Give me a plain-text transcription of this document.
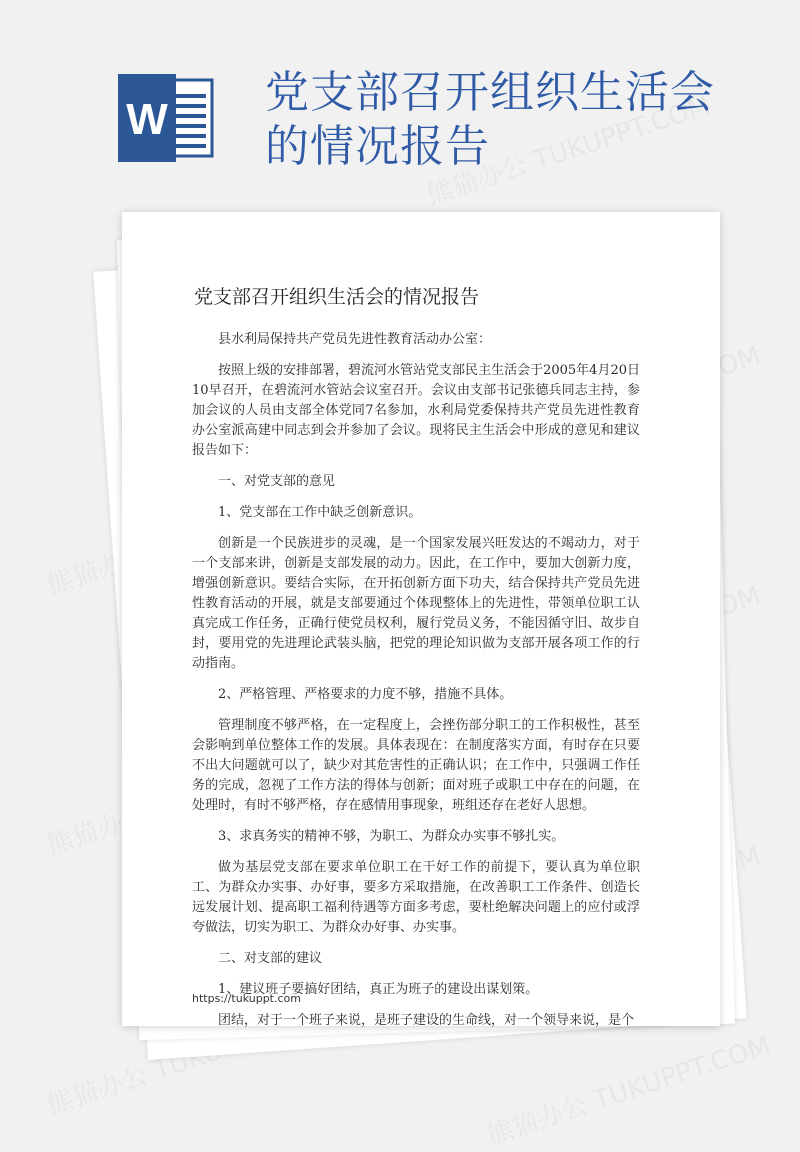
W
党支部召开组织生活会
的情况报告
党支部召开组织生活会的情况报告

县水利局保持共产党员先进性教育活动办公室：

按照上级的安排部署，碧流河水管站党支部民主生活会于2005年4月20日10早召开，在碧流河水管站会议室召开。会议由支部书记张德兵同志主持，参加会议的人员由支部全体党同7名参加，水利局党委保持共产党员先进性教育办公室派高建中同志到会并参加了会议。现将民主生活会中形成的意见和建议报告如下：

一、对党支部的意见

1、党支部在工作中缺乏创新意识。

创新是一个民族进步的灵魂，是一个国家发展兴旺发达的不竭动力，对于一个支部来讲，创新是支部发展的动力。因此，在工作中，要加大创新力度，增强创新意识。要结合实际，在开拓创新方面下功夫，结合保持共产党员先进性教育活动的开展，就是支部要通过个体现整体上的先进性，带领单位职工认真完成工作任务，正确行使党员权利，履行党员义务，不能因循守旧、故步自封，要用党的先进理论武装头脑，把党的理论知识做为支部开展各项工作的行动指南。

2、严格管理、严格要求的力度不够，措施不具体。

管理制度不够严格，在一定程度上，会挫伤部分职工的工作积极性，甚至会影响到单位整体工作的发展。具体表现在：在制度落实方面，有时存在只要不出大问题就可以了，缺少对其危害性的正确认识；在工作中，只强调工作任务的完成，忽视了工作方法的得体与创新；面对班子或职工中存在的问题，在处理时，有时不够严格，存在感情用事现象，班组还存在老好人思想。

3、求真务实的精神不够，为职工、为群众办实事不够扎实。

做为基层党支部在要求单位职工在干好工作的前提下，要认真为单位职工、为群众办实事、办好事，要多方采取措施，在改善职工工作条件、创造长远发展计划、提高职工福利待遇等方面多考虑，要杜绝解决问题上的应付或浮夸做法，切实为职工、为群众办好事、办实事。

二、对支部的建议

1、建议班子要搞好团结，真正为班子的建设出谋划策。

团结，对于一个班子来说，是班子建设的生命线，对一个领导来说，是个

https://tukuppt.com
